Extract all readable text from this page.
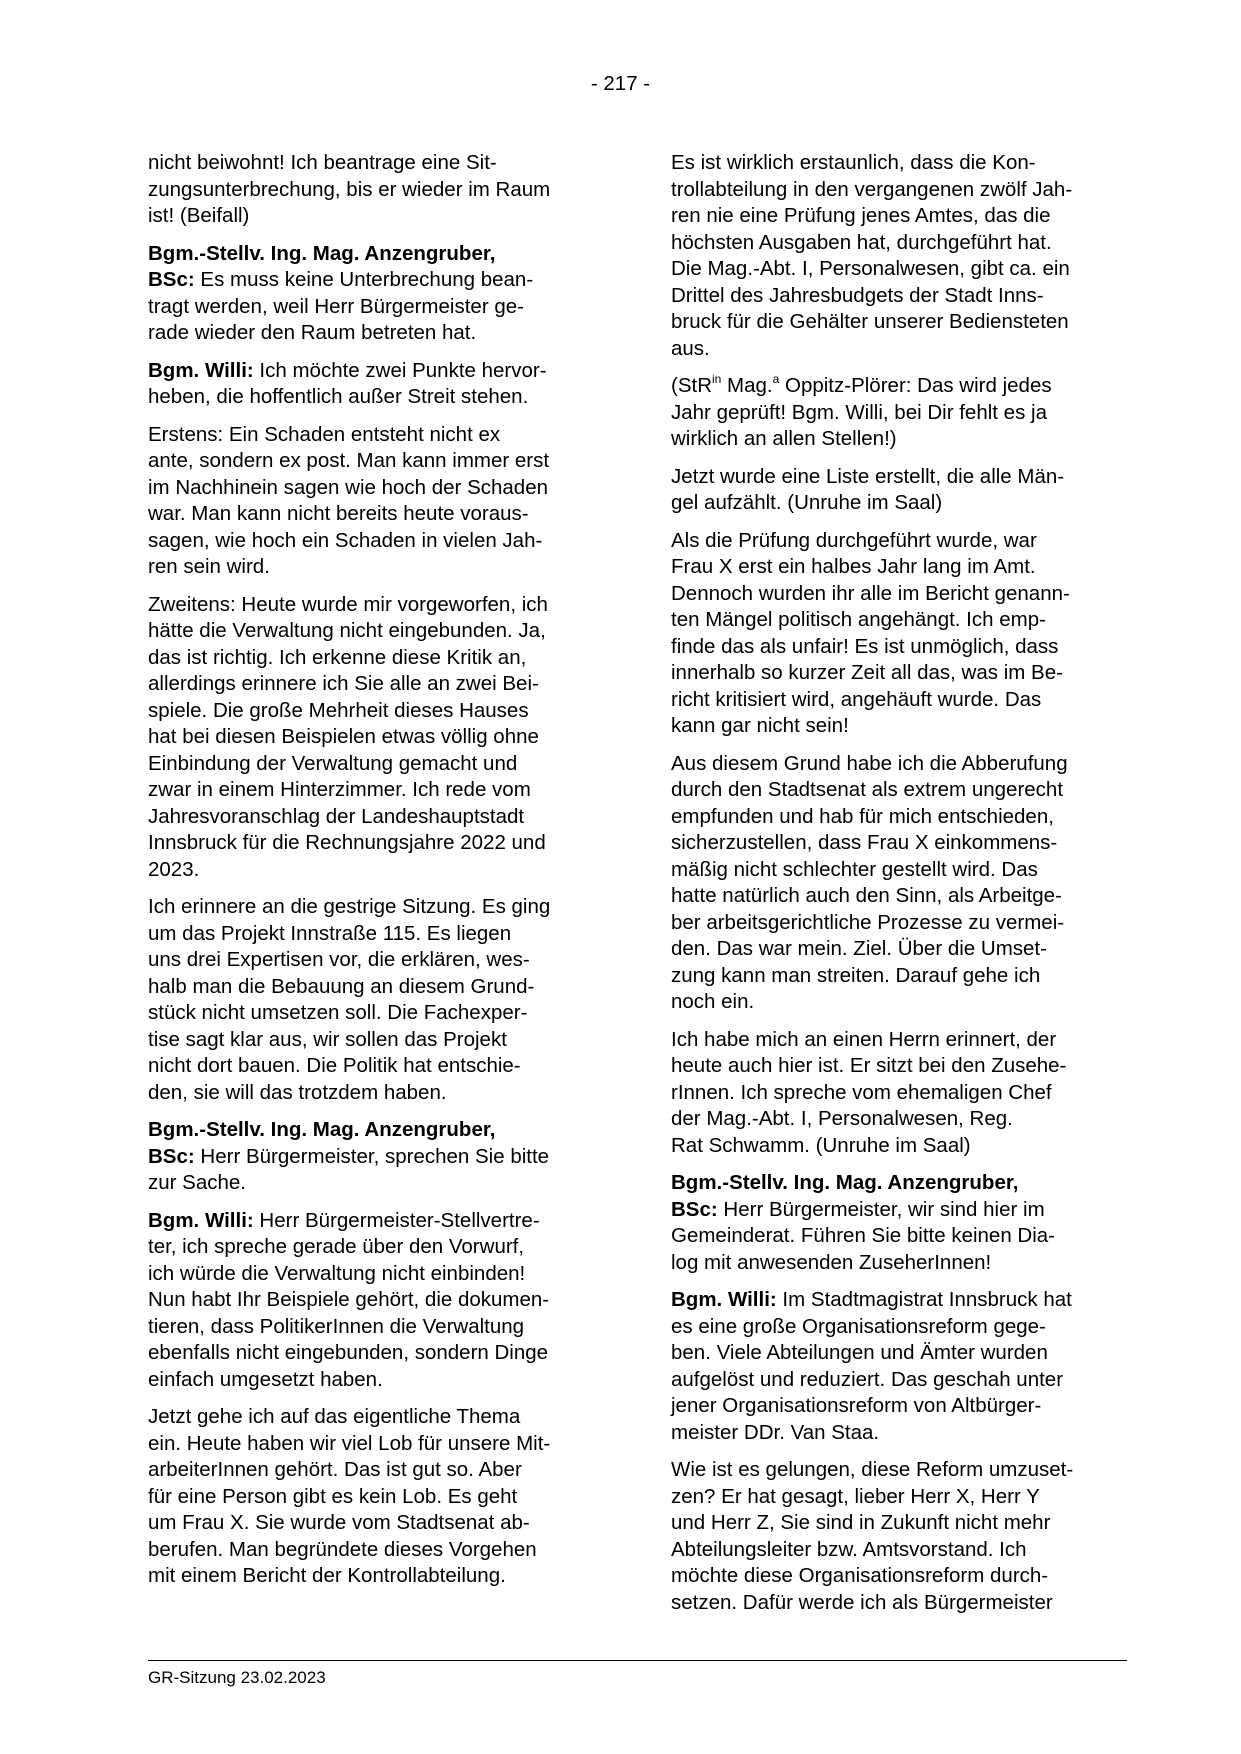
- 217 -

nicht beiwohnt! Ich beantrage eine Sit-
zungsunterbrechung, bis er wieder im Raum
ist! (Beifall)

Bgm.-Stellv. Ing. Mag. Anzengruber,
BSc: Es muss keine Unterbrechung bean-
tragt werden, weil Herr Bürgermeister ge-
rade wieder den Raum betreten hat.

Bgm. Willi: Ich möchte zwei Punkte hervor-
heben, die hoffentlich außer Streit stehen.

Erstens: Ein Schaden entsteht nicht ex
ante, sondern ex post. Man kann immer erst
im Nachhinein sagen wie hoch der Schaden
war. Man kann nicht bereits heute voraus-
sagen, wie hoch ein Schaden in vielen Jah-
ren sein wird.

Zweitens: Heute wurde mir vorgeworfen, ich
hätte die Verwaltung nicht eingebunden. Ja,
das ist richtig. Ich erkenne diese Kritik an,
allerdings erinnere ich Sie alle an zwei Bei-
spiele. Die große Mehrheit dieses Hauses
hat bei diesen Beispielen etwas völlig ohne
Einbindung der Verwaltung gemacht und
zwar in einem Hinterzimmer. Ich rede vom
Jahresvoranschlag der Landeshauptstadt
Innsbruck für die Rechnungsjahre 2022 und
2023.

Ich erinnere an die gestrige Sitzung. Es ging
um das Projekt Innstraße 115. Es liegen
uns drei Expertisen vor, die erklären, wes-
halb man die Bebauung an diesem Grund-
stück nicht umsetzen soll. Die Fachexper-
tise sagt klar aus, wir sollen das Projekt
nicht dort bauen. Die Politik hat entschie-
den, sie will das trotzdem haben.

Bgm.-Stellv. Ing. Mag. Anzengruber,
BSc: Herr Bürgermeister, sprechen Sie bitte
zur Sache.

Bgm. Willi: Herr Bürgermeister-Stellvertre-
ter, ich spreche gerade über den Vorwurf,
ich würde die Verwaltung nicht einbinden!
Nun habt Ihr Beispiele gehört, die dokumen-
tieren, dass PolitikerInnen die Verwaltung
ebenfalls nicht eingebunden, sondern Dinge
einfach umgesetzt haben.

Jetzt gehe ich auf das eigentliche Thema
ein. Heute haben wir viel Lob für unsere Mit-
arbeiterInnen gehört. Das ist gut so. Aber
für eine Person gibt es kein Lob. Es geht
um Frau X. Sie wurde vom Stadtsenat ab-
berufen. Man begründete dieses Vorgehen
mit einem Bericht der Kontrollabteilung.

Es ist wirklich erstaunlich, dass die Kon-
trollabteilung in den vergangenen zwölf Jah-
ren nie eine Prüfung jenes Amtes, das die
höchsten Ausgaben hat, durchgeführt hat.
Die Mag.-Abt. I, Personalwesen, gibt ca. ein
Drittel des Jahresbudgets der Stadt Inns-
bruck für die Gehälter unserer Bediensteten
aus.

(StR$^{in}$ Mag.$^a$ Oppitz-Plörer: Das wird jedes
Jahr geprüft! Bgm. Willi, bei Dir fehlt es ja
wirklich an allen Stellen!)

Jetzt wurde eine Liste erstellt, die alle Män-
gel aufzählt. (Unruhe im Saal)

Als die Prüfung durchgeführt wurde, war
Frau X erst ein halbes Jahr lang im Amt.
Dennoch wurden ihr alle im Bericht genann-
ten Mängel politisch angehängt. Ich emp-
finde das als unfair! Es ist unmöglich, dass
innerhalb so kurzer Zeit all das, was im Be-
richt kritisiert wird, angehäuft wurde. Das
kann gar nicht sein!

Aus diesem Grund habe ich die Abberufung
durch den Stadtsenat als extrem ungerecht
empfunden und hab für mich entschieden,
sicherzustellen, dass Frau X einkommens-
mäßig nicht schlechter gestellt wird. Das
hatte natürlich auch den Sinn, als Arbeitge-
ber arbeitsgerichtliche Prozesse zu vermei-
den. Das war mein. Ziel. Über die Umset-
zung kann man streiten. Darauf gehe ich
noch ein.

Ich habe mich an einen Herrn erinnert, der
heute auch hier ist. Er sitzt bei den Zusehe-
rInnen. Ich spreche vom ehemaligen Chef
der Mag.-Abt. I, Personalwesen, Reg.
Rat Schwamm. (Unruhe im Saal)

Bgm.-Stellv. Ing. Mag. Anzengruber,
BSc: Herr Bürgermeister, wir sind hier im
Gemeinderat. Führen Sie bitte keinen Dia-
log mit anwesenden ZuseherInnen!

Bgm. Willi: Im Stadtmagistrat Innsbruck hat
es eine große Organisationsreform gege-
ben. Viele Abteilungen und Ämter wurden
aufgelöst und reduziert. Das geschah unter
jener Organisationsreform von Altbürger-
meister DDr. Van Staa.

Wie ist es gelungen, diese Reform umzuset-
zen? Er hat gesagt, lieber Herr X, Herr Y
und Herr Z, Sie sind in Zukunft nicht mehr
Abteilungsleiter bzw. Amtsvorstand. Ich
möchte diese Organisationsreform durch-
setzen. Dafür werde ich als Bürgermeister

GR-Sitzung 23.02.2023
